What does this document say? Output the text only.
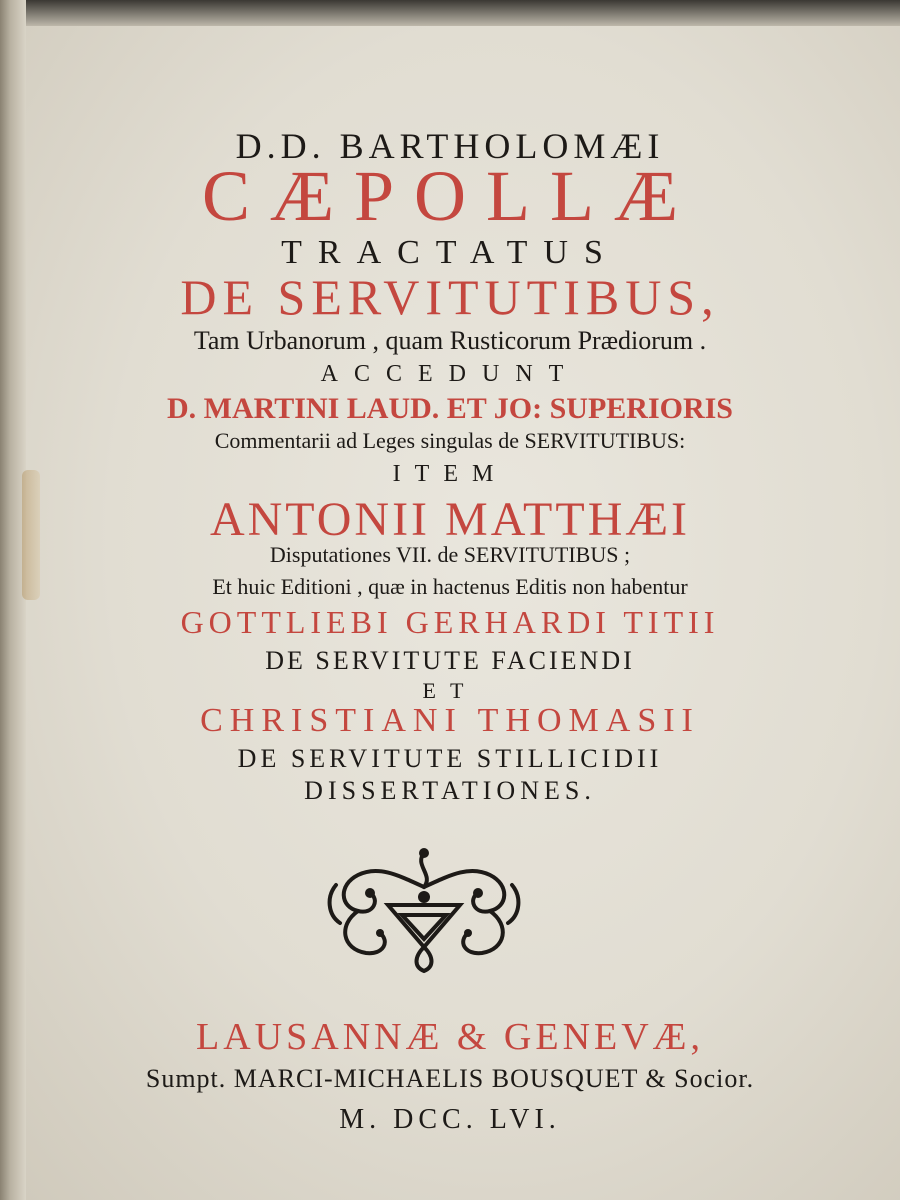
D.D. BARTHOLOMÆI
CÆPOLLÆ
TRACTATUS
DE SERVITUTIBUS,
Tam Urbanorum , quam Rusticorum Prædiorum .
ACCEDUNT
D. MARTINI LAUD. ET JO: SUPERIORIS
Commentarii ad Leges singulas de SERVITUTIBUS:
ITEM
ANTONII MATTHÆI
Disputationes VII. de SERVITUTIBUS ;
Et huic Editioni , quæ in hactenus Editis non habentur
GOTTLIEBI GERHARDI TITII
DE SERVITUTE FACIENDI
ET
CHRISTIANI THOMASII
DE SERVITUTE STILLICIDII
DISSERTATIONES.
LAUSANNÆ & GENEVÆ,
Sumpt. MARCI-MICHAELIS BOUSQUET & Socior.
M. DCC. LVI.
